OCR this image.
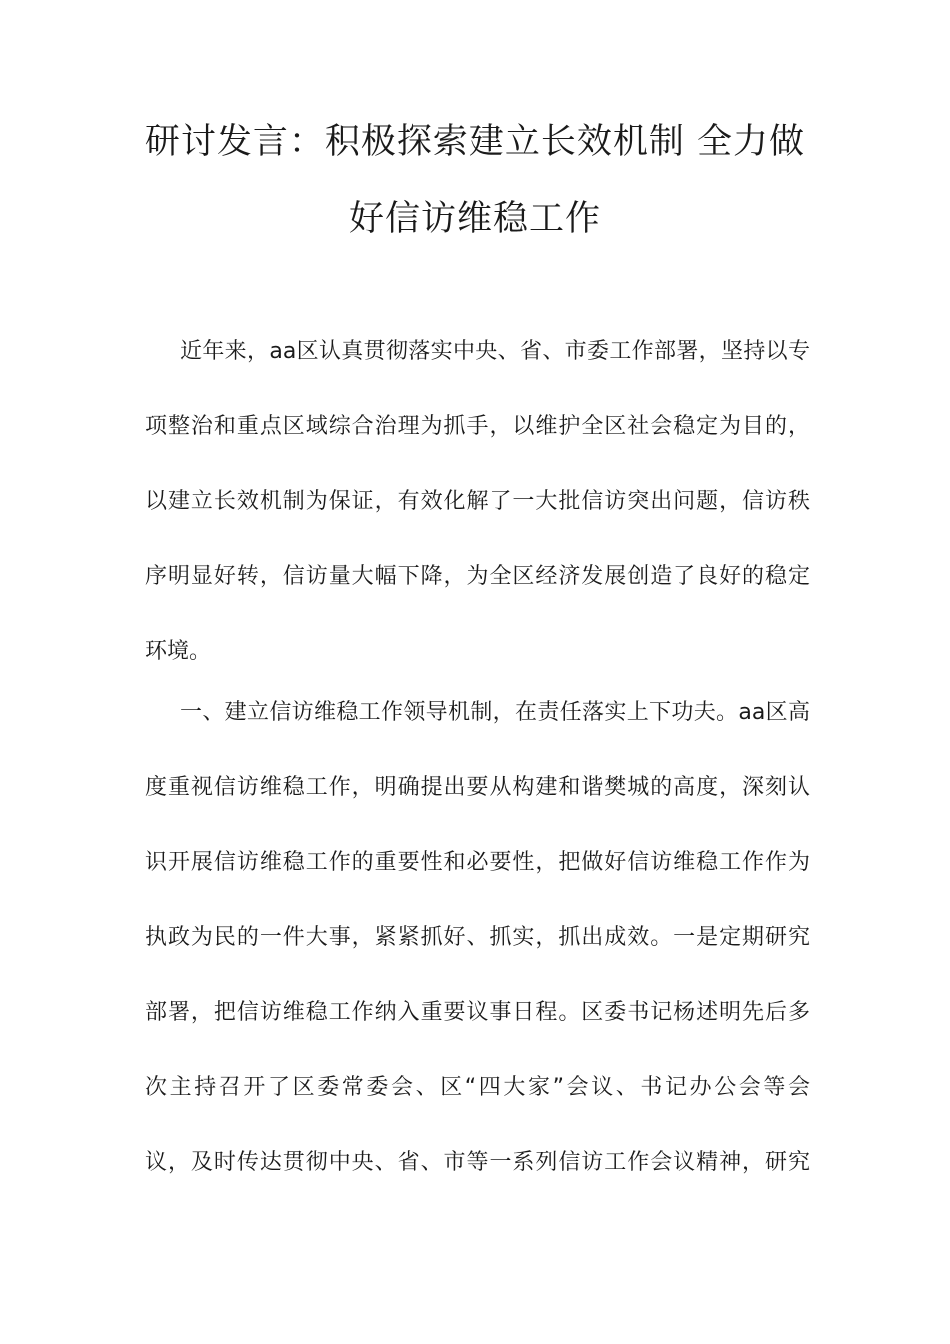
研讨发言：积极探索建立长效机制 全力做
好信访维稳工作
近年来，aa区认真贯彻落实中央、省、市委工作部署，坚持以专
项整治和重点区域综合治理为抓手，以维护全区社会稳定为目的，
以建立长效机制为保证，有效化解了一大批信访突出问题，信访秩
序明显好转，信访量大幅下降，为全区经济发展创造了良好的稳定
环境。
一、建立信访维稳工作领导机制，在责任落实上下功夫。aa区高
度重视信访维稳工作，明确提出要从构建和谐樊城的高度，深刻认
识开展信访维稳工作的重要性和必要性，把做好信访维稳工作作为
执政为民的一件大事，紧紧抓好、抓实，抓出成效。一是定期研究
部署，把信访维稳工作纳入重要议事日程。区委书记杨述明先后多
次主持召开了区委常委会、区“四大家”会议、书记办公会等会
议，及时传达贯彻中央、省、市等一系列信访工作会议精神，研究
